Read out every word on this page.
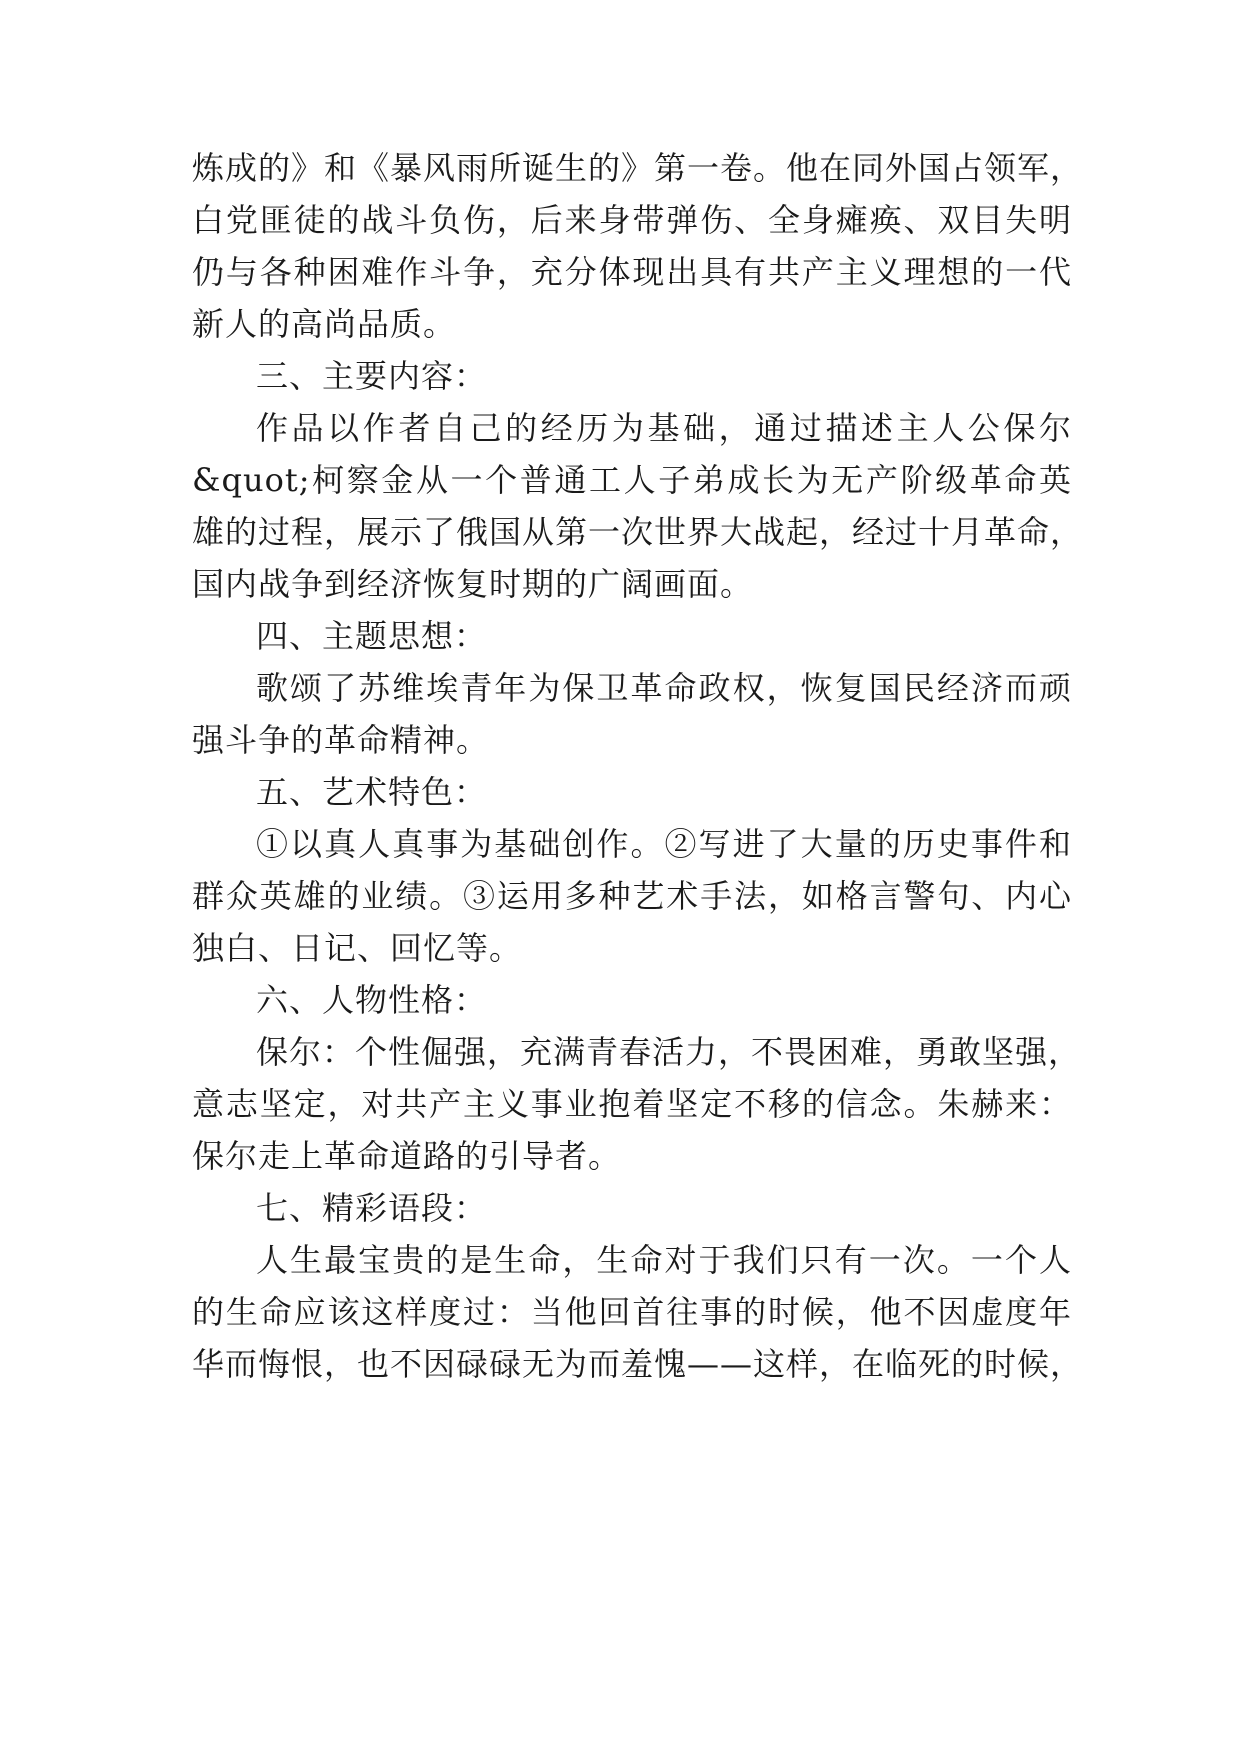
炼成的》和《暴风雨所诞生的》第一卷。他在同外国占领军，
白党匪徒的战斗负伤，后来身带弹伤、全身瘫痪、双目失明
仍与各种困难作斗争，充分体现出具有共产主义理想的一代
新人的高尚品质。
三、主要内容：
作品以作者自己的经历为基础，通过描述主人公保尔
&quot;柯察金从一个普通工人子弟成长为无产阶级革命英
雄的过程，展示了俄国从第一次世界大战起，经过十月革命，
国内战争到经济恢复时期的广阔画面。
四、主题思想：
歌颂了苏维埃青年为保卫革命政权，恢复国民经济而顽
强斗争的革命精神。
五、艺术特色：
①以真人真事为基础创作。②写进了大量的历史事件和
群众英雄的业绩。③运用多种艺术手法，如格言警句、内心
独白、日记、回忆等。
六、人物性格：
保尔：个性倔强，充满青春活力，不畏困难，勇敢坚强，
意志坚定，对共产主义事业抱着坚定不移的信念。朱赫来：
保尔走上革命道路的引导者。
七、精彩语段：
人生最宝贵的是生命，生命对于我们只有一次。一个人
的生命应该这样度过：当他回首往事的时候，他不因虚度年
华而悔恨，也不因碌碌无为而羞愧——这样，在临死的时候，
